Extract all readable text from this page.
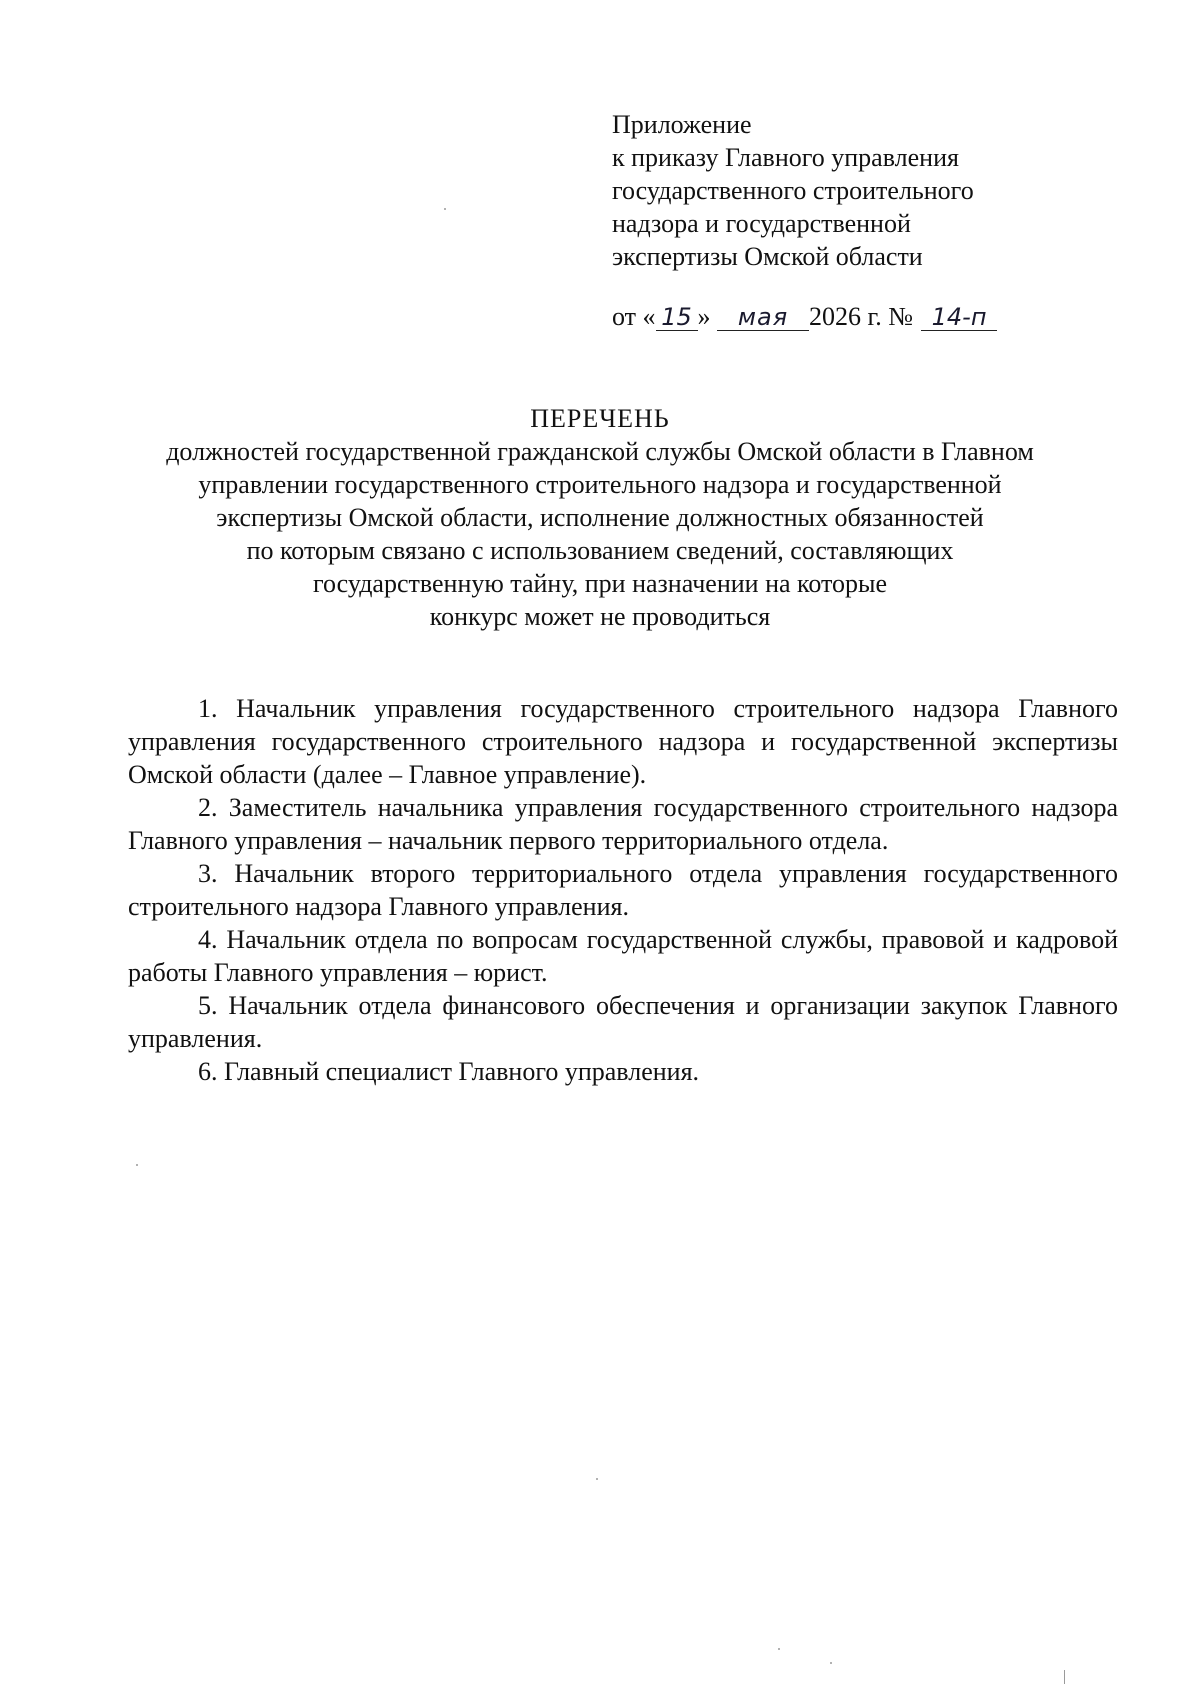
Приложение
к приказу Главного управления
государственного строительного
надзора и государственной
экспертизы Омской области
от « 15 » мая 2026 г. № 14-п
ПЕРЕЧЕНЬ
должностей государственной гражданской службы Омской области в Главном
управлении государственного строительного надзора и государственной
экспертизы Омской области, исполнение должностных обязанностей
по которым связано с использованием сведений, составляющих
государственную тайну, при назначении на которые
конкурс может не проводиться
1. Начальник управления государственного строительного надзора Главного управления государственного строительного надзора и государственной экспертизы Омской области (далее – Главное управление).
2. Заместитель начальника управления государственного строительного надзора Главного управления – начальник первого территориального отдела.
3. Начальник второго территориального отдела управления государственного строительного надзора Главного управления.
4. Начальник отдела по вопросам государственной службы, правовой и кадровой работы Главного управления – юрист.
5. Начальник отдела финансового обеспечения и организации закупок Главного управления.
6. Главный специалист Главного управления.
